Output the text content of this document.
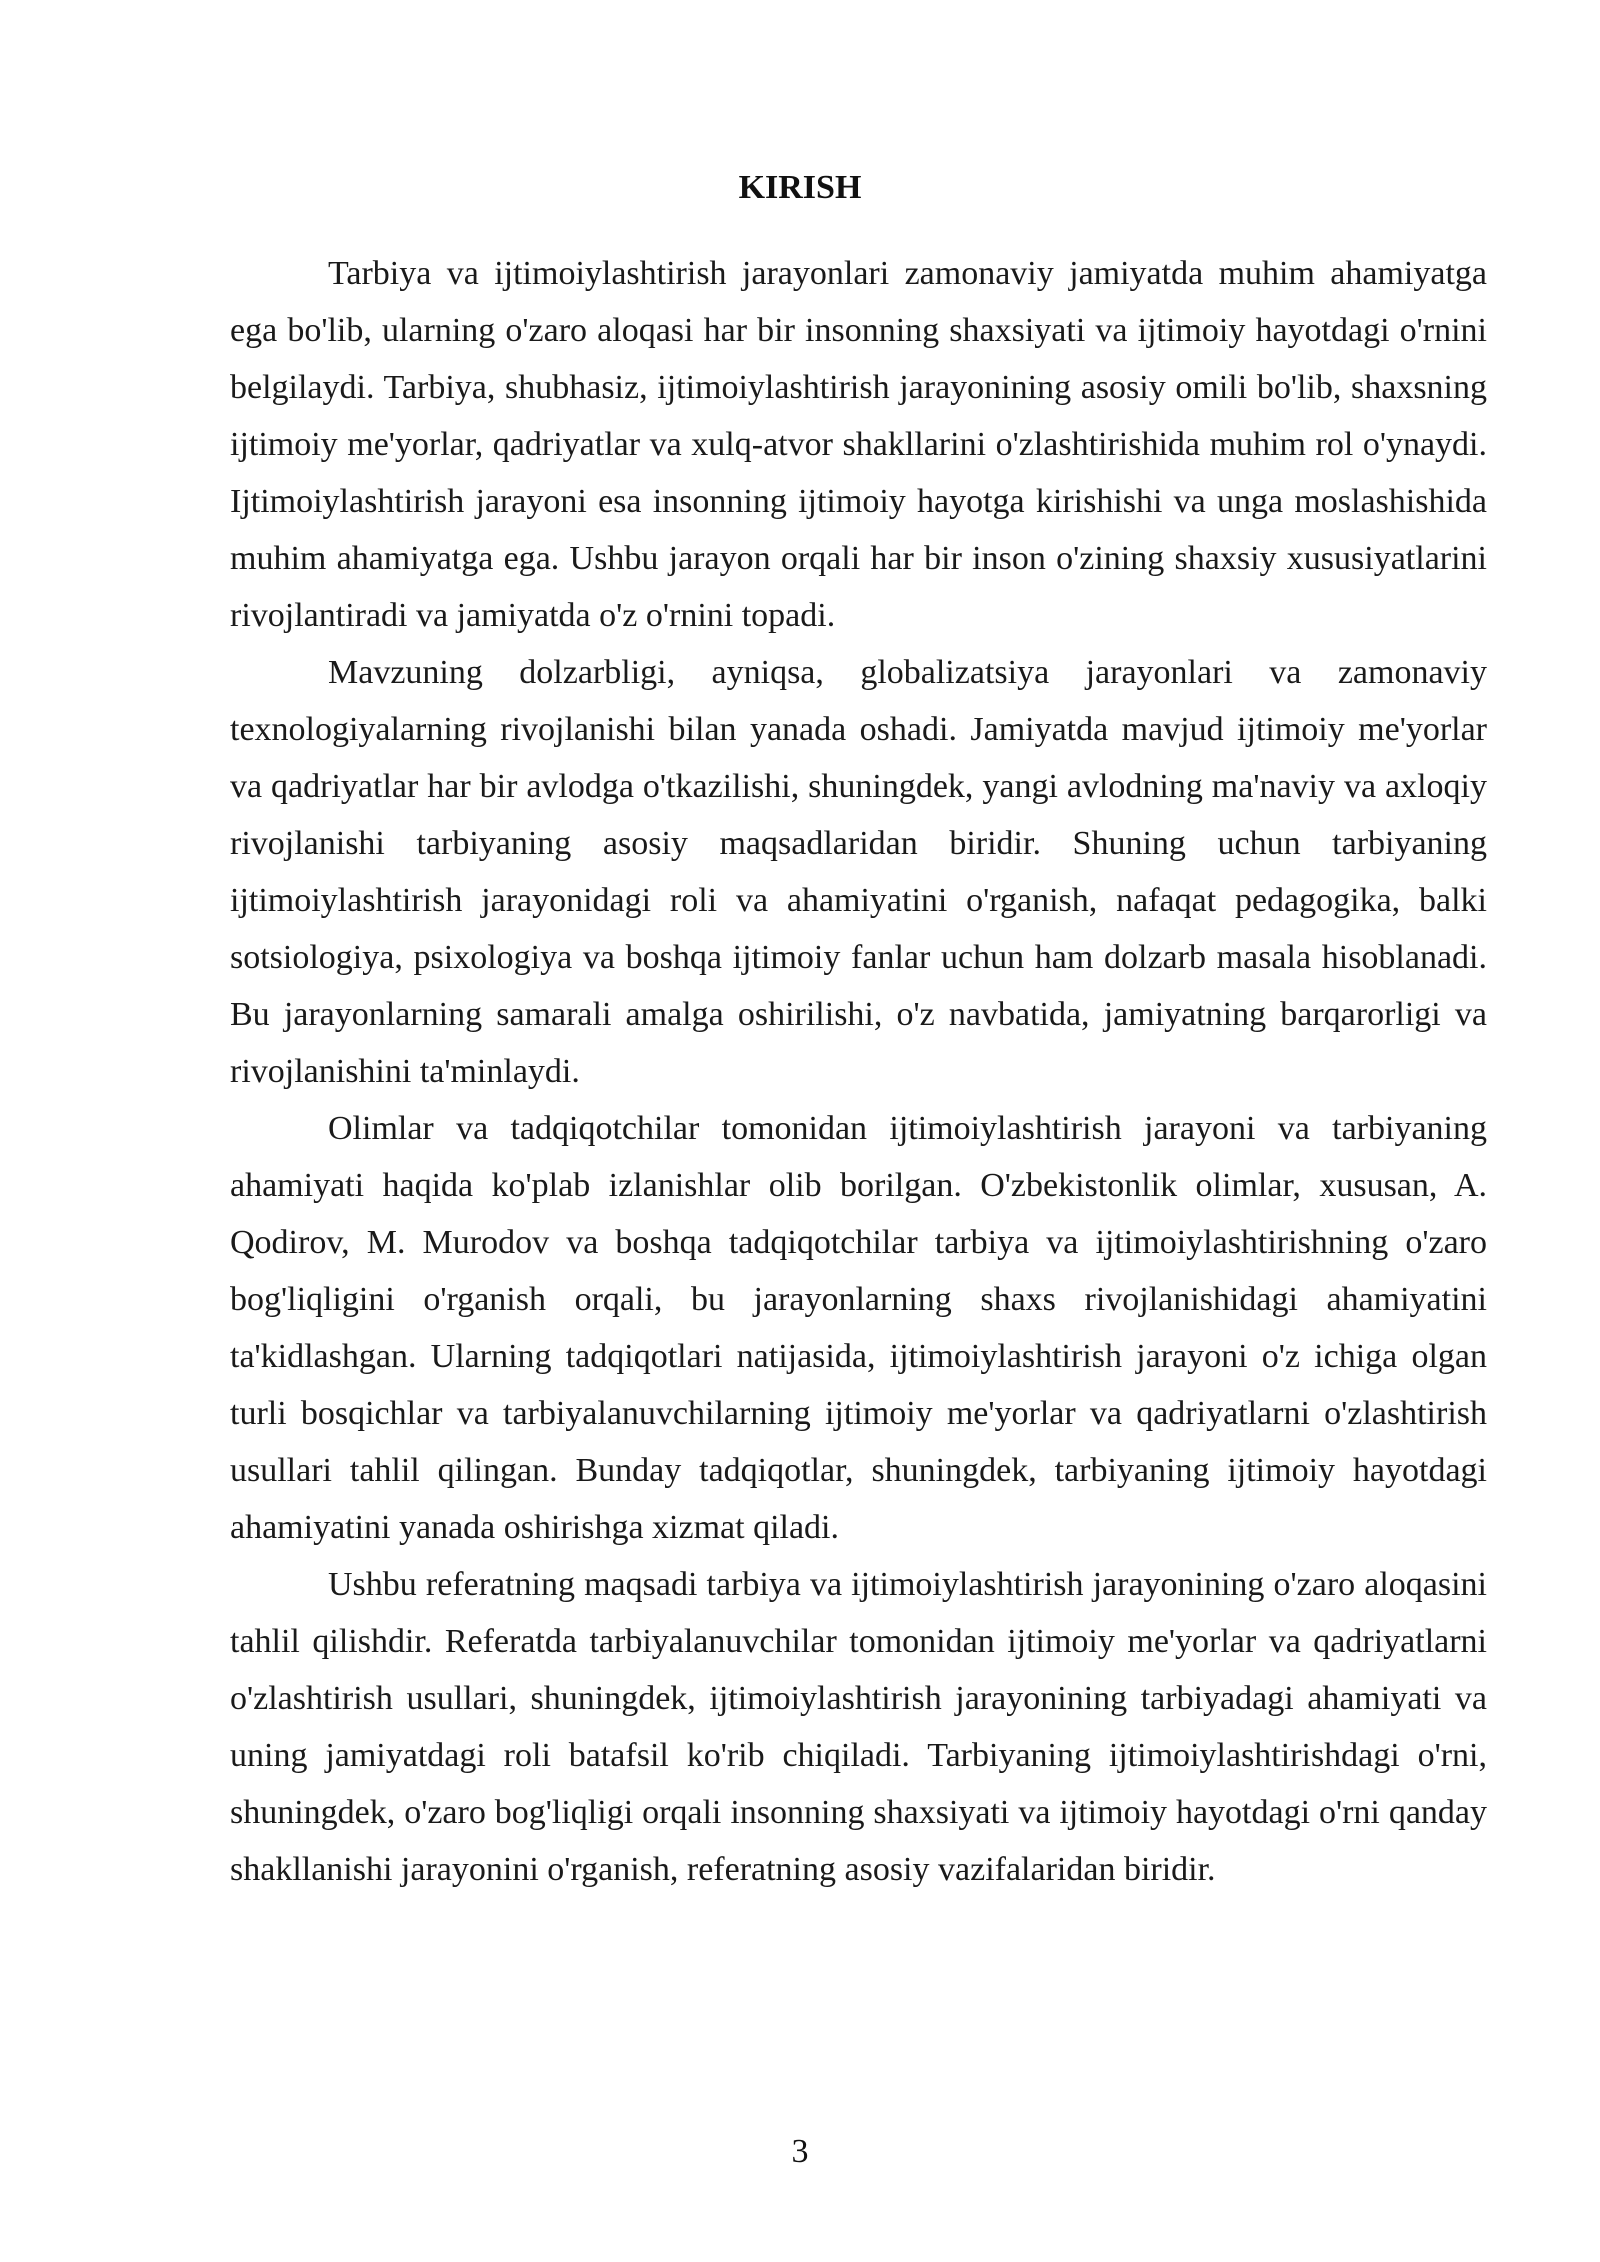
KIRISH

Tarbiya va ijtimoiylashtirish jarayonlari zamonaviy jamiyatda muhim ahamiyatga ega bo'lib, ularning o'zaro aloqasi har bir insonning shaxsiyati va ijtimoiy hayotdagi o'rnini belgilaydi. Tarbiya, shubhasiz, ijtimoiylashtirish jarayonining asosiy omili bo'lib, shaxsning ijtimoiy me'yorlar, qadriyatlar va xulq-atvor shakllarini o'zlashtirishida muhim rol o'ynaydi. Ijtimoiylashtirish jarayoni esa insonning ijtimoiy hayotga kirishishi va unga moslashishida muhim ahamiyatga ega. Ushbu jarayon orqali har bir inson o'zining shaxsiy xususiyatlarini rivojlantiradi va jamiyatda o'z o'rnini topadi.

Mavzuning dolzarbligi, ayniqsa, globalizatsiya jarayonlari va zamonaviy texnologiyalarning rivojlanishi bilan yanada oshadi. Jamiyatda mavjud ijtimoiy me'yorlar va qadriyatlar har bir avlodga o'tkazilishi, shuningdek, yangi avlodning ma'naviy va axloqiy rivojlanishi tarbiyaning asosiy maqsadlaridan biridir. Shuning uchun tarbiyaning ijtimoiylashtirish jarayonidagi roli va ahamiyatini o'rganish, nafaqat pedagogika, balki sotsiologiya, psixologiya va boshqa ijtimoiy fanlar uchun ham dolzarb masala hisoblanadi. Bu jarayonlarning samarali amalga oshirilishi, o'z navbatida, jamiyatning barqarorligi va rivojlanishini ta'minlaydi.

Olimlar va tadqiqotchilar tomonidan ijtimoiylashtirish jarayoni va tarbiyaning ahamiyati haqida ko'plab izlanishlar olib borilgan. O'zbekistonlik olimlar, xususan, A. Qodirov, M. Murodov va boshqa tadqiqotchilar tarbiya va ijtimoiylashtirishning o'zaro bog'liqligini o'rganish orqali, bu jarayonlarning shaxs rivojlanishidagi ahamiyatini ta'kidlashgan. Ularning tadqiqotlari natijasida, ijtimoiylashtirish jarayoni o'z ichiga olgan turli bosqichlar va tarbiyalanuvchilarning ijtimoiy me'yorlar va qadriyatlarni o'zlashtirish usullari tahlil qilingan. Bunday tadqiqotlar, shuningdek, tarbiyaning ijtimoiy hayotdagi ahamiyatini yanada oshirishga xizmat qiladi.

Ushbu referatning maqsadi tarbiya va ijtimoiylashtirish jarayonining o'zaro aloqasini tahlil qilishdir. Referatda tarbiyalanuvchilar tomonidan ijtimoiy me'yorlar va qadriyatlarni o'zlashtirish usullari, shuningdek, ijtimoiylashtirish jarayonining tarbiyadagi ahamiyati va uning jamiyatdagi roli batafsil ko'rib chiqiladi. Tarbiyaning ijtimoiylashtirishdagi o'rni, shuningdek, o'zaro bog'liqligi orqali insonning shaxsiyati va ijtimoiy hayotdagi o'rni qanday shakllanishi jarayonini o'rganish, referatning asosiy vazifalaridan biridir.

3
